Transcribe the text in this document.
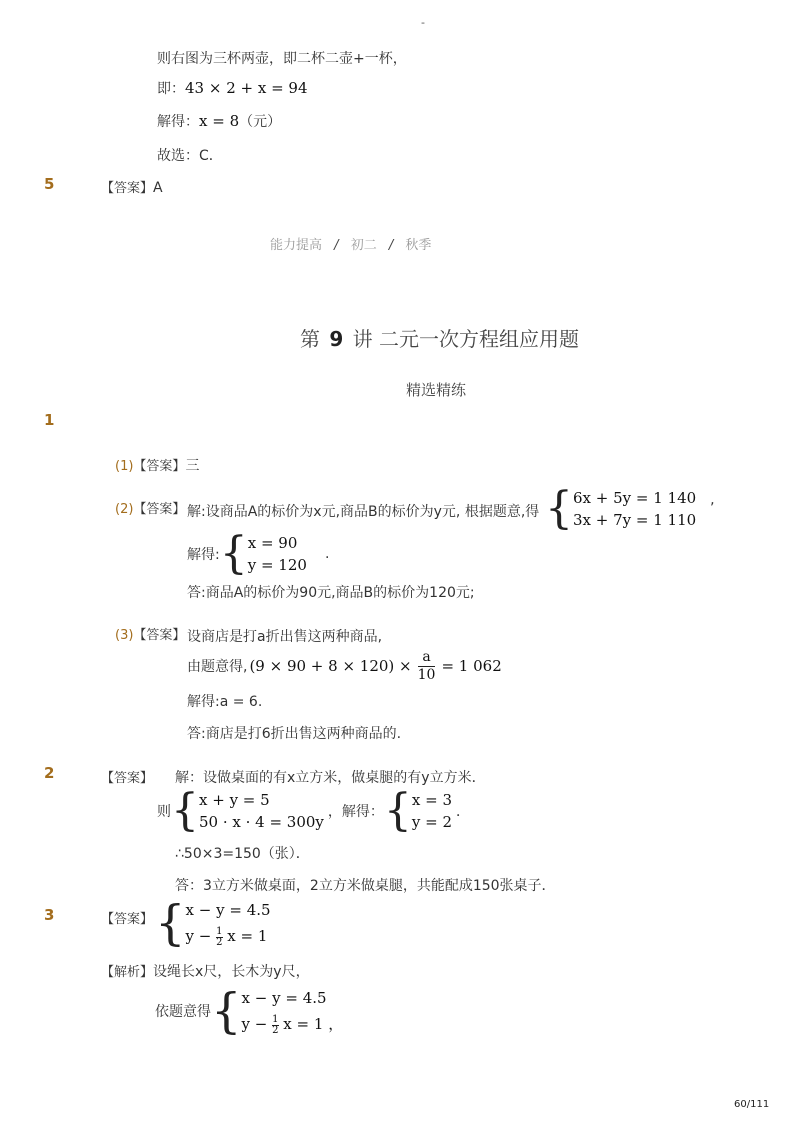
-
则右图为三杯两壶，即二杯二壶+一杯，
即：43 × 2 + x = 94
解得：x = 8（元）
故选：C．
5	【答案】A
能力提高 / 初二 / 秋季
第 9 讲 二元一次方程组应用题
精选精练
1
(1)【答案】三
(2)【答案】 解:设商品A的标价为x元,商品B的标价为y元, 根据题意,得 { 6x + 5y = 1 140
3x + 7y = 1 110
,
解得: { x = 90
y = 120
.
答:商品A的标价为90元,商品B的标价为120元;
(3)【答案】 设商店是打a折出售这两种商品,
由题意得, $(9 \times 90 + 8 \times 120) \times \frac{a}{10} = 1$ 062
解得:a = 6.
答:商店是打6折出售这两种商品的.
2	【答案】 解：设做桌面的有x立方米，做桌腿的有y立方米．
则 { x + y = 5
50 · x · 4 = 300y
，解得： { x = 3
y = 2
．
∴50×3=150（张）．
答：3立方米做桌面，2立方米做桌腿，共能配成150张桌子．
3	【答案】 { x − y = 4.5
$y - \frac{1}{2}$ x = 1
【解析】设绳长x尺，长木为y尺，
依题意得 { x − y = 4.5
$y - \frac{1}{2}$ x = 1 ，
60/111
